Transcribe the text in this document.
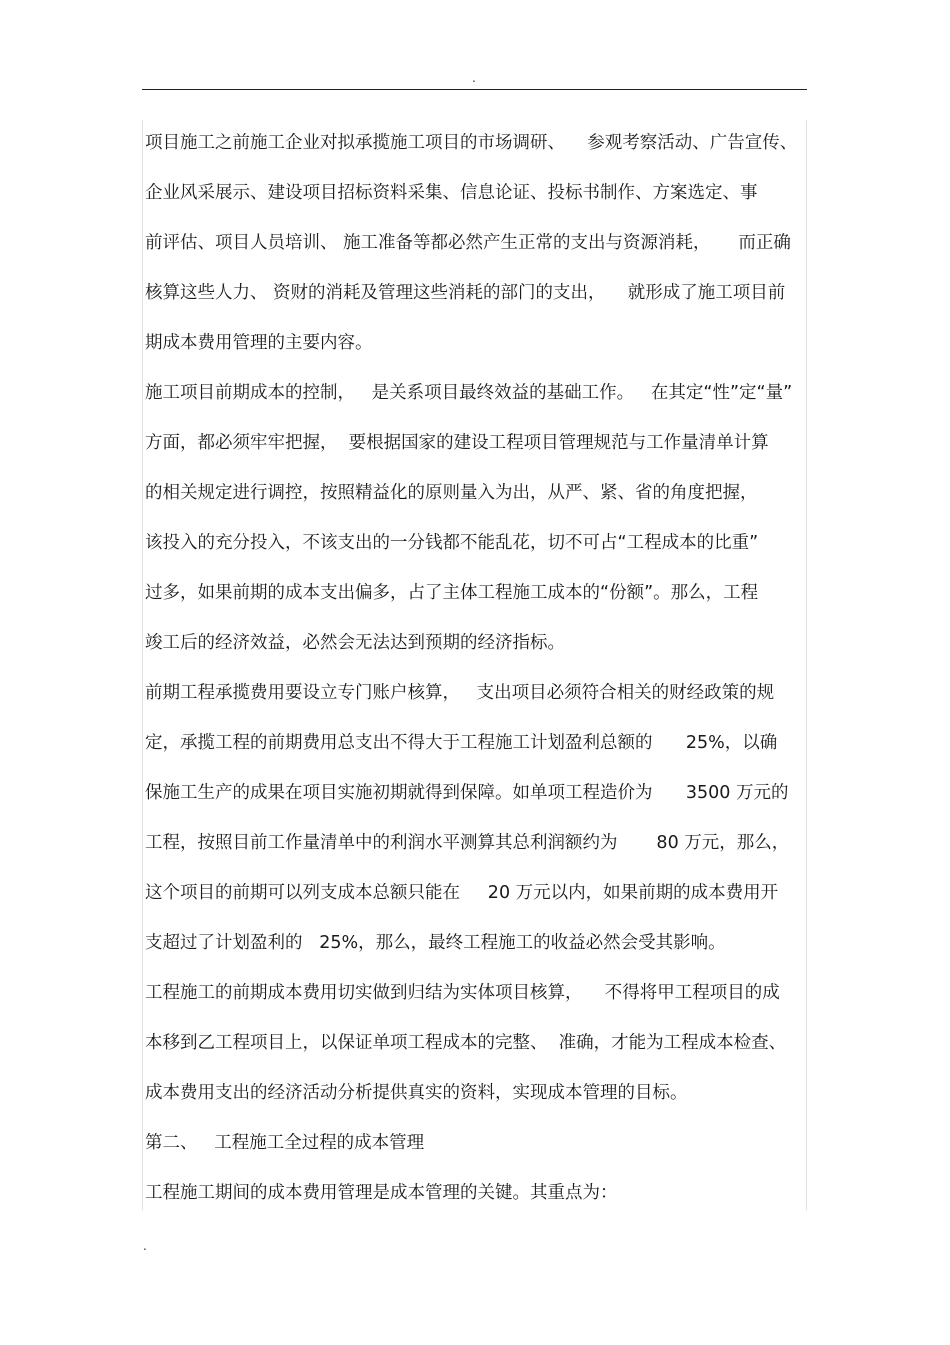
.
项目施工之前施工企业对拟承揽施工项目的市场调研、    参观考察活动、广告宣传、
企业风采展示、建设项目招标资料采集、信息论证、投标书制作、方案选定、事
前评估、项目人员培训、 施工准备等都必然产生正常的支出与资源消耗，     而正确
核算这些人力、 资财的消耗及管理这些消耗的部门的支出，    就形成了施工项目前
期成本费用管理的主要内容。
施工项目前期成本的控制，   是关系项目最终效益的基础工作。   在其定“性”定“量”
方面，都必须牢牢把握，  要根据国家的建设工程项目管理规范与工作量清单计算
的相关规定进行调控，按照精益化的原则量入为出，从严、紧、省的角度把握，
该投入的充分投入，不该支出的一分钱都不能乱花，切不可占“工程成本的比重”
过多，如果前期的成本支出偏多，占了主体工程施工成本的“份额”。那么，工程
竣工后的经济效益，必然会无法达到预期的经济指标。
前期工程承揽费用要设立专门账户核算，   支出项目必须符合相关的财经政策的规
定，承揽工程的前期费用总支出不得大于工程施工计划盈利总额的      25%，以确
保施工生产的成果在项目实施初期就得到保障。如单项工程造价为      3500 万元的
工程，按照目前工作量清单中的利润水平测算其总利润额约为       80 万元，那么，
这个项目的前期可以列支成本总额只能在     20 万元以内，如果前期的成本费用开
支超过了计划盈利的   25%，那么，最终工程施工的收益必然会受其影响。
工程施工的前期成本费用切实做到归结为实体项目核算，    不得将甲工程项目的成
本移到乙工程项目上，以保证单项工程成本的完整、  准确，才能为工程成本检查、
成本费用支出的经济活动分析提供真实的资料，实现成本管理的目标。
第二、   工程施工全过程的成本管理
工程施工期间的成本费用管理是成本管理的关键。其重点为：
.
